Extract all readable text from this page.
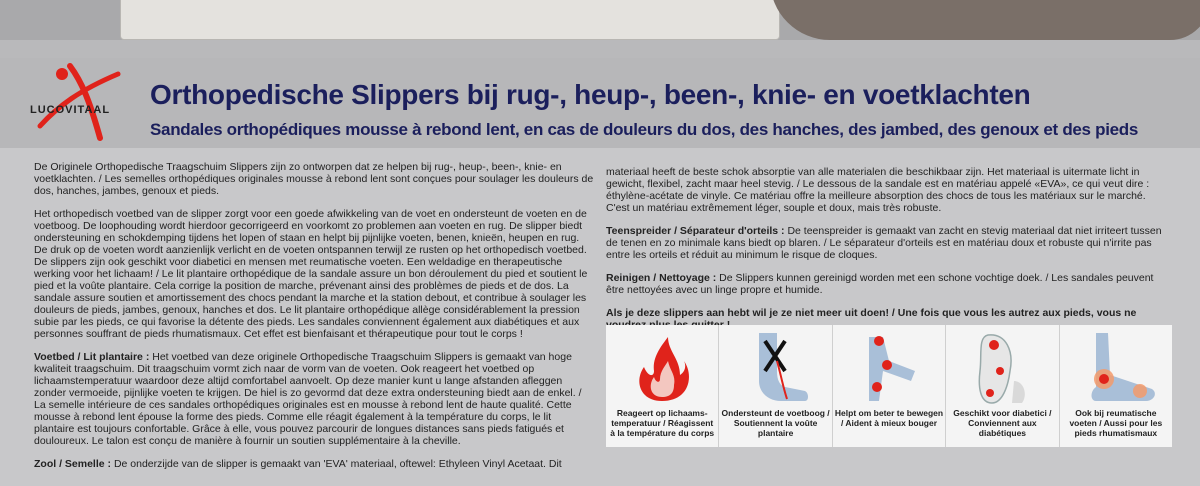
LUCOVITAAL Orthopedische Slippers bij rug-, heup-, been-, knie- en voetklachten
Sandales orthopédiques mousse à rebond lent, en cas de douleurs du dos, des hanches, des jambed, des genoux et des pieds

De Originele Orthopedische Traagschuim Slippers zijn zo ontworpen dat ze helpen bij rug-, heup-, been-, knie- en voetklachten. / Les semelles orthopédiques originales mousse à rebond lent sont conçues pour soulager les douleurs de dos, hanches, jambes, genoux et pieds.

Het orthopedisch voetbed van de slipper zorgt voor een goede afwikkeling van de voet en ondersteunt de voeten en de voetboog. De loophouding wordt hierdoor gecorrigeerd en voorkomt zo problemen aan voeten en rug. De slipper biedt ondersteuning en schokdemping tijdens het lopen of staan en helpt bij pijnlijke voeten, benen, knieën, heupen en rug. De druk op de voeten wordt aanzienlijk verlicht en de voeten ontspannen terwijl ze rusten op het orthopedisch voetbed. De slippers zijn ook geschikt voor diabetici en mensen met reumatische voeten. Een weldadige en therapeutische werking voor het lichaam! / Le lit plantaire orthopédique de la sandale assure un bon déroulement du pied et soutient le pied et la voûte plantaire. Cela corrige la position de marche, prévenant ainsi des problèmes de pieds et de dos. La sandale assure soutien et amortissement des chocs pendant la marche et la station debout, et contribue à soulager les douleurs de pieds, jambes, genoux, hanches et dos. Le lit plantaire orthopédique allège considérablement la pression subie par les pieds, ce qui favorise la détente des pieds. Les sandales conviennent également aux diabétiques et aux personnes souffrant de pieds rhumatismaux. Cet effet est bienfaisant et thérapeutique pour tout le corps !

Voetbed / Lit plantaire : Het voetbed van deze originele Orthopedische Traagschuim Slippers is gemaakt van hoge kwaliteit traagschuim. Dit traagschuim vormt zich naar de vorm van de voeten. Ook reageert het voetbed op lichaamstemperatuur waardoor deze altijd comfortabel aanvoelt. Op deze manier kunt u lange afstanden afleggen zonder vermoeide, pijnlijke voeten te krijgen. De hiel is zo gevormd dat deze extra ondersteuning biedt aan de enkel. / La semelle intérieure de ces sandales orthopédiques originales est en mousse à rebond lent de haute qualité. Cette mousse à rebond lent épouse la forme des pieds. Comme elle réagit également à la température du corps, le lit plantaire est toujours confortable. Grâce à elle, vous pouvez parcourir de longues distances sans pieds fatigués et douloureux. Le talon est conçu de manière à fournir un soutien supplémentaire à la cheville.

Zool / Semelle : De onderzijde van de slipper is gemaakt van 'EVA' materiaal, oftewel: Ethyleen Vinyl Acetaat. Dit

materiaal heeft de beste schok absorptie van alle materialen die beschikbaar zijn. Het materiaal is uitermate licht in gewicht, flexibel, zacht maar heel stevig. / Le dessous de la sandale est en matériau appelé «EVA», ce qui veut dire : éthylène-acétate de vinyle. Ce matériau offre la meilleure absorption des chocs de tous les matériaux sur le marché. C'est un matériau extrêmement léger, souple et doux, mais très robuste.

Teenspreider / Séparateur d'orteils : De teenspreider is gemaakt van zacht en stevig materiaal dat niet irriteert tussen de tenen en zo minimale kans biedt op blaren. / Le séparateur d'orteils est en matériau doux et robuste qui n'irrite pas entre les orteils et réduit au minimum le risque de cloques.

Reinigen / Nettoyage : De Slippers kunnen gereinigd worden met een schone vochtige doek. / Les sandales peuvent être nettoyées avec un linge propre et humide.

Als je deze slippers aan hebt wil je ze niet meer uit doen! / Une fois que vous les autrez aux pieds, vous ne

Reageert op lichaams-temperatuur / Réagissent à la température du corps
Ondersteunt de voetboog / Soutiennent la voûte plantaire
Helpt om beter te bewegen / Aident à mieux bouger
Geschikt voor diabetici / Conviennent aux diabétiques
Ook bij reumatische voeten / Aussi pour les pieds rhumatismaux
